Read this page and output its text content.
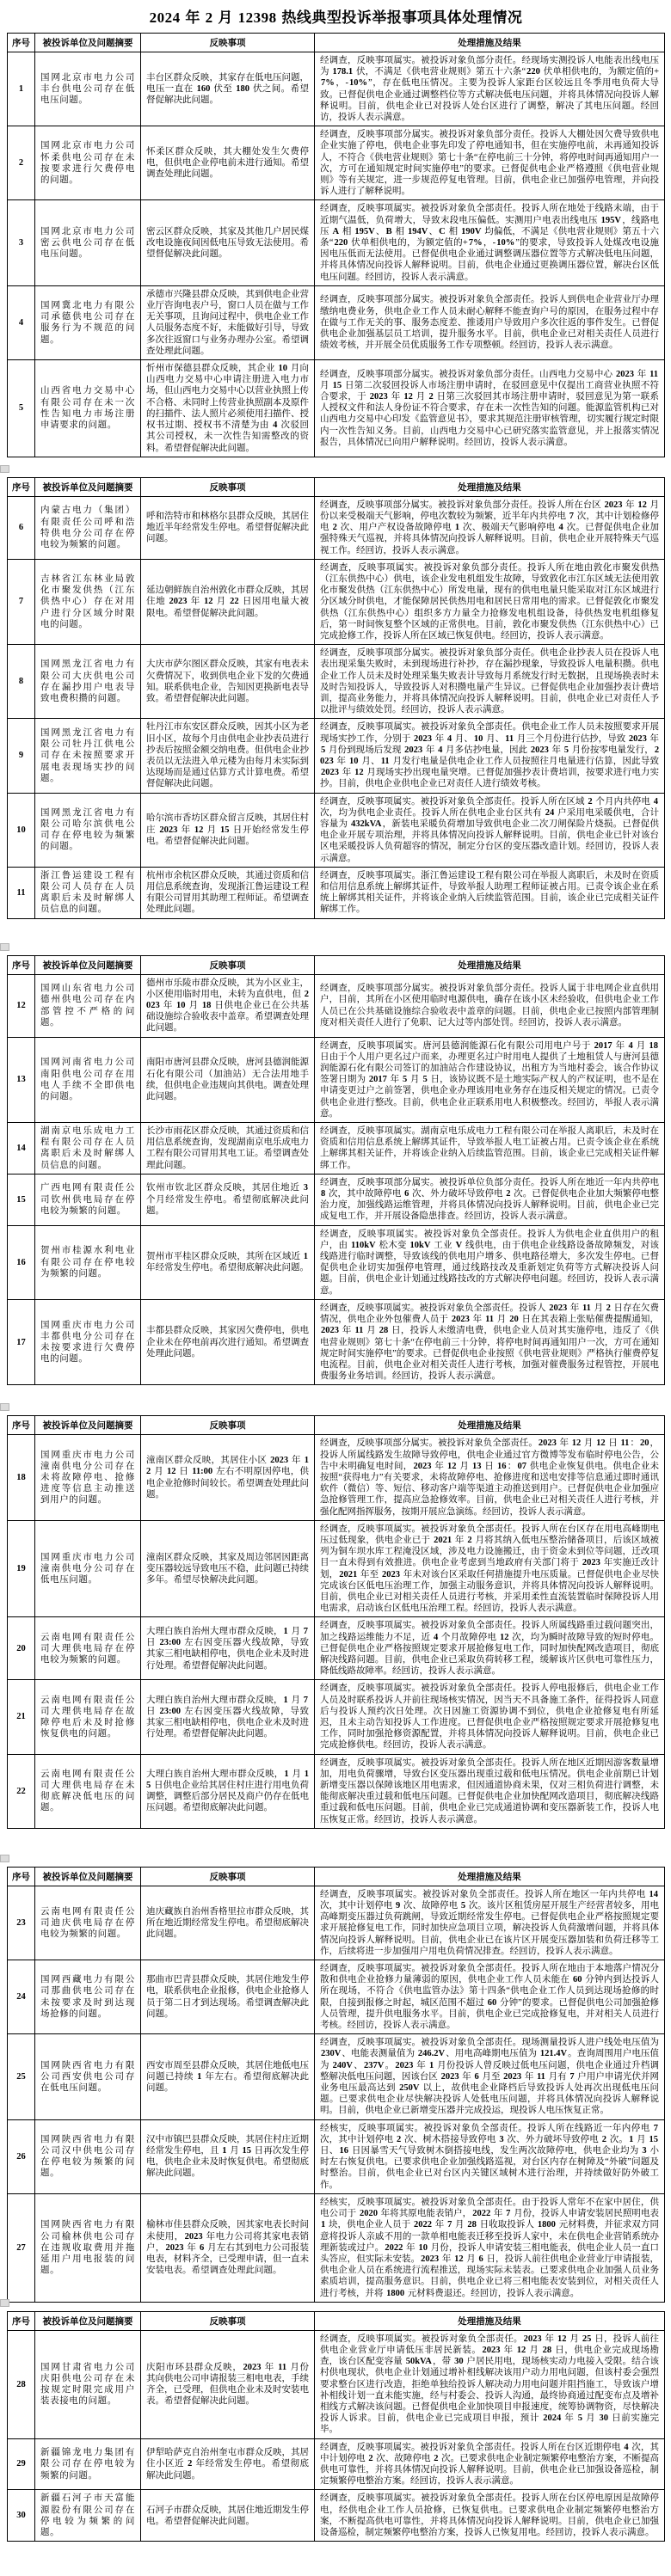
2024 年 2 月 12398 热线典型投诉举报事项具体处理情况
序号	被投诉单位及问题摘要	反映事项	处理措施及结果
1	国网北京市电力公司丰台供电公司存在低电压问题。	丰台区群众反映，其家存在低电压问题，电压一直在 160 伏至 180 伏之间。希望督促解决此问题。	经调查，反映事项属实。被投诉对象负部分责任。经现场实测投诉人电能表出线电压为 178.1 伏，不满足《供电营业规则》第五十六条“220 伏单相供电的，为额定值的+7%，-10%”，存在低电压情况。主要为投诉人家距台区较远且冬季用电负荷大导致。已督促供电企业通过调整档位等方式解决低电压问题，并将具体情况向投诉人解释说明。目前，供电企业已对投诉人处台区进行了调整，解决了其电压问题。经回访，投诉人表示满意。
2	国网北京市电力公司怀柔供电公司存在未按要求进行欠费停电的问题。	怀柔区群众反映，其大棚处发生欠费停电，但供电企业停电前未进行通知。希望调查处理此问题。	经调查，反映事项部分属实。被投诉对象负部分责任。投诉人大棚处因欠费导致供电企业实施了停电，供电企业事先印发了停电通知书，但在实施停电前，未再通知投诉人，不符合《供电营业规则》第七十条“在停电前三十分钟，将停电时间再通知用户一次，方可在通知规定时间实施停电”的要求。已督促供电企业严格遵照《供电营业规则》等有关规定，进一步规范停复电管理。目前，供电企业已加强停电管理，并向投诉人进行了解释说明。
3	国网北京市电力公司密云供电公司存在低电压问题。	密云区群众反映，其家及其他几户居民煤改电设施夜间因低电压导致无法使用。希望督促解决此问题。	经调查，反映事项属实。被投诉对象负全部责任。投诉人所在地处于线路末端，由于近期气温低，负荷增大，导致末段电压偏低。实测用户电表出线电压 195V，线路电压 A 相 195V、B 相 194V、C 相 190V 均偏低，不满足《供电营业规则》第五十六条“220 伏单相供电的，为额定值的+7%，-10%”的要求，导致投诉人处煤改电设施因电压低而无法使用。已督促供电企业通过调整调压器位置等方式解决低电压问题，并将具体情况向投诉人解释说明。目前，供电企业通过更换调压器位置，解决台区低电压问题。经回访，投诉人表示满意。
4	国网冀北电力有限公司承德供电公司存在服务行为不规范的问题。	承德市兴隆县群众反映，其到供电企业营业厅咨询电表户号，窗口人员在做与工作无关事项，且询问过程中，供电企业工作人员服务态度不好，未能做好引导，导致多次往返窗口与业务办理办公室。希望调查处理此问题。	经调查，反映事项部分属实。被投诉对象负全部责任。投诉人到供电企业营业厅办理缴纳电费业务，供电企业工作人员未耐心解释不能查询户号的原因，在服务过程中存在做与工作无关的事、服务态度差、推诿用户导致用户多次往返的事件发生。已督促供电企业加强基层员工培训，提升服务水平。目前，供电企业已对相关责任人员进行绩效考核，并开展全员优质服务工作专项整顿。经回访，投诉人表示满意。
5	山西省电力交易中心有限公司存在未一次性告知电力市场注册申请要求的问题。	忻州市保德县群众反映，其企业 10 月向山西电力交易中心申请注册进入电力市场，但山西电力交易中心以营业执照上传不合格、未同时上传营业执照副本及原件的扫描件、法人照片必须使用扫描件、授权书过期、授权书不清楚为由 4 次驳回其公司授权，未一次性告知需整改的资料。希望督促解决此问题。	经调查，反映事项部分属实。被投诉对象负部分责任。山西电力交易中心 2023 年 11 月 15 日第二次驳回投诉人市场注册申请时，在驳回意见中仅提出工商营业执照不符合要求，于 2023 年 12 月 2 日第三次驳回其市场注册申请时，驳回意见为第一联系人授权文件和法人身份证不符合要求，存在未一次性告知的问题。能源监管机构已对山西电力交易中心印发《监管意见书》，要求其规范注册审核管理，切实履行规定时限内一次性告知义务。目前，山西电力交易中心已研究落实监管意见，并上报落实情况报告，具体情况已向用户解释说明。经回访，投诉人表示满意。
序号	被投诉单位及问题摘要	反映事项	处理措施及结果
6	内蒙古电力（集团）有限责任公司呼和浩特供电分公司存在停电较为频繁的问题。	呼和浩特市和林格尔县群众反映，其居住地近半年经常发生停电。希望督促解决此问题。	经调查，反映事项部分属实。被投诉对象负部分责任。投诉人所在台区 2023 年 12 月份以来受极端天气影响，停电次数较为频繁，近半年内共停电 7 次，其中计划检修停电 2 次、用户产权设备故障停电 1 次、极端天气影响停电 4 次。已督促供电企业加强特殊天气巡视，并将具体情况向投诉人解释说明。目前，供电企业开展特殊天气巡视工作。经回访，投诉人表示满意。
7	吉林省江东林业局敦化市聚发供热（江东供热中心）存在对用户进行分区域分时限电的问题。	延边朝鲜族自治州敦化市群众反映，其居住地 2023 年 12 月 22 日因用电量大被限电。希望督促解决此问题。	经调查，反映事项属实。被投诉对象负部分责任。投诉人所在地由敦化市聚发供热（江东供热中心）供电，该企业发电机组发生故障，导致敦化市江东区域无法使用敦化市聚发供热（江东供热中心）所发电量，现有的供电电量只能采取对江东区域进行分区域分时供电，才能保障居民供热用电和居民日常用电的需求。已督促敦化市聚发供热（江东供热中心）组织多方力量全力抢修发电机组设备，待供热发电机组修复后，第一时间恢复整个区域的正常供电。目前，敦化市聚发供热（江东供热中心）已完成抢修工作，投诉人所在区域已恢复供电。经回访，投诉人表示满意。
8	国网黑龙江省电力有限公司大庆供电公司存在漏抄用户电表导致电费积攒的问题。	大庆市萨尔图区群众反映，其家有电表未欠费情况下，收到供电企业下发的欠费通知。联系供电企业，告知因更换新电表导致。希望督促解决此问题。	经调查，反映事项部分属实。被投诉对象负部分责任。供电企业抄表人员在投诉人电表出现采集失败时，未到现场进行补抄，存在漏抄现象，导致投诉人电量积攒。供电企业工作人员未及时处理采集失败表计导致每月系统发行时无数据，且现场换表时未及时告知投诉人，导致投诉人对积攒电量产生异议。已督促供电企业加强抄表计费培训，提高业务能力，并将具体情况向投诉人解释说明。目前，供电企业已对责任人予以批评与绩效处罚。经回访，投诉人表示满意。
9	国网黑龙江省电力有限公司牡丹江供电公司存在未按照要求开展电表现场实抄的问题。	牡丹江市东安区群众反映，因其小区为老旧小区，故每个月由供电企业抄表员进行抄表后按照金额交纳电费。但供电企业抄表员以无法进入单元楼为由每月未实际到达现场而是通过估算方式计算电费。希望督促解决此问题。	经调查，反映事项属实。被投诉对象负全部责任。供电企业工作人员未按照要求开展现场实抄工作，分别于 2023 年 4 月、10 月、11 月三个月份进行估抄，导致 2023 年 5 月份到现场后发现 2023 年 4 月多估抄电量，因此 2023 年 5 月份按零电量发行，2023 年 10 月、11 月发行电量是供电企业工作人员按照往月电量进行估算，因此导致 2023 年 12 月现场实抄出现电量突增。已督促加强抄表计费培训，按要求进行电力实抄。目前，供电企业供电企业已对责任人进行绩效考核。
10	国网黑龙江省电力有限公司哈尔滨供电公司存在停电较为频繁的问题。	哈尔滨市香坊区群众留言反映，其居住村庄 2023 年 12 月 15 日开始经常发生停电。希望督促解决此问题。	经调查，反映事项属实。被投诉对象负全部责任。投诉人所在区域 2 个月内共停电 4 次，均为供电企业责任。投诉人所在供电企业台区共有 24 户采用电采暖供电，合计容量为 432kVA，新装电采暖负荷增加导致供电企业二次刀闸保险片烧损。已督促供电企业开展专项治理，并将具体情况向投诉人解释说明。目前，供电企业已针对该台区电采暖投诉人负荷超容的情况，制定分台区的变压器改造计划。经回访，投诉人表示满意。
11	浙江鲁运建设工程有限公司人员存在人员离职后未及时解绑人员信息的问题。	杭州市余杭区群众反映，其通过资质和信用信息系统查询，发现浙江鲁运建设工程有限公司冒用其助理工程师证。希望调查处理此问题。	经调查，反映事项属实。浙江鲁运建设工程有限公司在举报人离职后，未及时在资质和信用信息系统上解绑其证件，导致举报人助理工程师证被占用。已责令该企业在系统上解绑其相关证件，并将该企业纳入后续监管范围。目前，该企业已完成相关证件解绑工作。
序号	被投诉单位及问题摘要	反映事项	处理措施及结果
12	国网山东省电力公司德州供电公司存在内部管控不严格的问题。	德州市乐陵市群众反映，其为小区业主，小区使用临时用电，未转为直供电，但 2023 年 10 月 18 日供电企业已在公共基础设施综合验收表中盖章。希望调查处理此问题。	经调查，反映事项部分属实。被投诉对象负部分责任。投诉人属于非电网企业直供用户，目前，其所在小区使用临时电源供电，确存在该小区未经验收，但供电企业工作人员已在公共基础设施综合验收表中盖章的问题。目前，供电企业已按照内部管理制度对相关责任人进行了免职、记大过等内部处罚。经回访，投诉人表示满意。
13	国网河南省电力公司南阳供电公司存在用电人手续不全即供电的问题。	南阳市唐河县群众反映，唐河县德润能源石化有限公司（加油站）无合法用地手续，但供电企业违规向其供电。调查处理此问题。	经调查，反映事项属实。唐河县德润能源石化有限公司用电户号于 2017 年 4 月 18 日由于个人用户更名过户而来，办理更名过户时用电人提供了土地租赁人与唐河县德润能源石化有限公司签订的加油站合作建设协议，出租方为当地村委会，该合作协议签署日期为 2017 年 5 月 5 日，该协议既不是土地实际产权人的产权证明，也不是在申请变更过户之前签署，供电企业办理该用电业务存在违反相关规定的情况。已责令供电企业进行整改。目前，供电企业正联系用电人积极整改。经回访，举报人表示满意。
14	湖南京电乐成电力工程有限公司存在人员离职后未及时解绑人员信息的问题。	长沙市雨花区群众反映，其通过资质和信用信息系统查询，发现湖南京电乐成电力工程有限公司冒用其电工证。希望调查处理此问题。	经调查，反映事项属实。湖南京电乐成电力工程有限公司在举报人离职后，未及时在资质和信用信息系统上解绑其证件，导致举报人电工证被占用。已责令该企业在系统上解绑其相关证件，并将该企业纳入后续监管范围。目前，该企业已完成相关证件解绑工作。
15	广西电网有限责任公司钦州供电局存在停电较为频繁的问题。	钦州市钦北区群众反映，其居住地近 3 个月经常发生停电。希望彻底解决此问题。	经调查，反映事项部分属实。被投诉单位负部分责任。投诉人所在地近一年内共停电 8 次，其中故障停电 6 次、外力破坏导致停电 2 次。已督促供电企业加大频繁停电整治力度，加强线路运维管理，并将具体情况向投诉人解释说明。目前，供电企业已完成复电工作，并开展设备隐患排查。经回访，投诉人表示满意。
16	贺州市桂源水利电业有限公司存在停电较为频繁的问题。	贺州市平桂区群众反映，其所在区域近 1 年经常发生停电。希望彻底解决此问题。	经调查，反映事项属实。被投诉对象负全部责任。投诉人为供电企业直供用户的租户，由 110kV 松木变 10kV 工业 V 线供电，由于供电企业线路设备故障频发，对该线路进行临时调整，导致该线的供电用户增多、供电路径增大，多次发生停电。已督促供电企业切实加强停电管理，通过线路技改及重新划定负荷等方式解决投诉人问题。目前，供电企业计划通过线路技改的方式解决停电问题。经回访，投诉人表示满意。
17	国网重庆市电力公司丰都供电分公司存在未按要求进行欠费停电的问题。	丰都县群众反映，其家因欠费停电，供电企业未在停电前再次进行通知。希望调查处理此问题。	经调查，反映事项属实。被投诉对象负全部责任。投诉人 2023 年 11 月 2 日存在欠费情况，供电企业外包催费人员于 2023 年 11 月 20 日在其表箱上张贴催费提醒通知，2023 年 11 月 28 日，投诉人未缴清电费，供电企业人员对其实施停电，违反了《供电营业规则》第七十条“在停电前三十分钟，将停电时间再通知用户一次，方可在通知规定时间实施停电”的要求。已督促供电企业按照《供电营业规则》严格执行催费停复电流程。目前，供电企业对相关责任人进行考核，加强对催费服务过程管控，开展电费服务业务培训。经回访，投诉人表示满意。
序号	被投诉单位及问题摘要	反映事项	处理措施及结果
18	国网重庆市电力公司潼南供电分公司存在未将故障停电、抢修进度等信息主动推送到用户的问题。	潼南区群众反映，其居住小区 2023 年 12 月 12 日 11:00 左右不明原因停电，供电企业抢修时间较长。希望调查处理此问题。	经调查，反映事项部分属实。被投诉对象负全部责任。2023 年 12 月 12 日 11：20，投诉人所属线路发生故障导致停电，供电企业通过官方微博等发布临时停电公告，公告中未明确复电时间，2023 年 12 月 13 日 16：07 供电企业恢复供电。供电企业未按照“获得电力”有关要求，未将故障停电、抢修进度和送电安排等信息通过即时通讯软件（微信）等、短信、移动客户端等渠道主动推送到用户。已督促供电企业加强应急抢修管理工作，提高应急抢修效率。目前，供电企业已对相关责任人进行考核，并强化配网指挥服务，按期开展应急演练。经回访，投诉人表示满意。
19	国网重庆市电力公司潼南供电分公司存在低电压问题。	潼南区群众反映，其家及周边邻居因距离变压器较远导致电压不稳，此问题已持续多年。希望尽快解决此问题。	经调查，反映事项属实。被投诉对象负全部责任。投诉人所在台区存在用电高峰期电压过低现象，供电企业已于 2021 年 2 月将其纳入低电压整治储备项目，后该区域被列为铜车坝水库工程淹没区域，涉及电力设施搬迁，由于资金未到位等问题，迁改项目一直未得到有效推进。供电企业考虑到当地政府有关部门将于 2023 年实施迁改计划，2021 年至 2023 年未对该台区采取任何措施提升电压质量。已督促供电企业尽快完成该台区低电压治理工作，加强主动服务意识，并将具体情况向投诉人解释说明。目前，供电企业已对相关责任人员进行考核，并采用柔性直流装置临时保障投诉人用电需求，启动该台区低电压治理工程。经回访，投诉人表示满意。
20	云南电网有限责任公司大理供电局存在停电较为频繁的问题。	大理白族自治州大理市群众反映，1 月 7 日 23:00 左右因变压器火线故障，导致其家三相电缺相停电，供电企业未及时进行处理。希望督促解决此问题。	经调查，反映事项属实。被投诉对象负全部责任。投诉人所属线路重过载问题突出，加之线路运维能力不足，近 4 个月故障停电 12 次，均为瞬时故障导致的短时停电。已督促供电企业严格按照规定要求开展抢修复电工作，同时加快配网改造项目，彻底解决线路问题。目前，供电企业已采取负荷转移工程，缓解该片区供电可靠性压力，降低线路故障率。经回访，投诉人表示满意。
21	云南电网有限责任公司大理供电局存在故障停电后未及时抢修恢复供电的问题。	大理白族自治州大理市群众反映，1 月 7 日 23:00 左右因变压器火线故障，导致其家三相电缺相停电，供电企业未及时进行处理。希望督促解决此问题。	经调查，反映事项属实。被投诉对象负全部责任。投诉人停电报修后，供电企业工作人员及时联系投诉人并前往现场核实情况，因当天不具备施工条件，征得投诉人同意后与投诉人预约次日处理。次日因施工资源协调不到位，供电企业抢修复电有所延迟，且未主动告知投诉人工作进度。已督促供电企业严格按照规定要求开展抢修复电工作，同时加强抢修资源配置，并将具体情况向投诉人解释说明。目前，供电企业已完成抢修供电。经回访，投诉人表示满意。
22	云南电网有限责任公司大理供电局存在未彻底解决低电压的问题。	大理白族自治州大理市群众反映，1 月 15 日供电企业给其居住村庄进行用电负荷调整，调整后部分居民及商户仍存在低电压问题。希望彻底解决此问题。	经调查，反映事项属实。被投诉对象负全部责任。投诉人所在地区近期因游客数量增加，用电负荷骤增，导致台区变压器出现重过载和低电压情况。供电企业前期已计划新增变压器以保障该地区用电需求，但因通道协商未果，仅对三相负荷进行调整，未能彻底解决重过载和低电压问题。已督促供电企业加快配网改造项目，彻底解决线路重过载和低电压问题。目前，供电企业已完成通道协调和变压器新装工作，投诉人电压恢复正常。经回访，投诉人表示满意。
序号	被投诉单位及问题摘要	反映事项	处理措施及结果
23	云南电网有限责任公司迪庆供电局存在停电较为频繁的问题。	迪庆藏族自治州香格里拉市群众反映，其所在地近期经常发生停电。希望彻底解决此问题。	经调查，反映事项属实。被投诉对象负全部责任。投诉人所在地区一年内共停电 14 次，其中计划停电 9 次、故障停电 5 次。该片区租赁房屋开展生产经营者较多，用电高峰期变压器过负荷跳闸，导致近期经常发生停电。已督促供电企业严格按照规定要求开展抢修复电工作，同时加快应急项目立项，解决投诉人负荷激增问题，并将具体情况向投诉人解释说明。目前，供电企业已在该片区开展变压器加装和负荷迁移等工作，后续将进一步加强用户用电负荷情况排查。经回访，投诉人表示满意。
24	国网西藏电力有限公司那曲供电公司存在未按要求及时到达现场抢修的问题。	那曲市巴青县群众反映，其居住地发生停电，联系供电企业报修，供电企业抢修人员于第二日才到达现场。希望调查解决此问题。	经调查，反映事项属实。被投诉对象负全部责任。投诉人所在地由于本地落户情况分散和供电企业抢修力量薄弱的原因，供电企业工作人员未能在 60 分钟内到达投诉人所在现场，不符合《供电监管办法》第十四条“供电企业工作人员到达现场抢修的时限，自接到报修之时起，城区范围不超过 60 分钟”的要求。已督促供电公司加强抢修人员管理，提升供电服务水平。目前，供电企业已完成抢修复电，并对相关人员进行考核。经回访，投诉人表示满意。
25	国网陕西省电力有限公司西安供电公司存在低电压问题。	西安市周至县群众反映，其居住地低电压问题已持续 1 年左右。希望彻底解决此问题。	经调查，反映事项属实。被投诉对象负全部责任。现场测量投诉人进户线处电压值为 230V、电能表测量值为 246.2V、用电高峰期电压值为 121.4V。查询周围用户电压值为 240V、237V。2023 年 1 月份投诉人曾反映过低电压问题，供电企业通过升档调整解决低电压问题，因该台区 2023 年 6 月至 2023 年 11 月有 7 户用户申请光伏并网业务电压最高达到 250V 以上，故供电企业降档后导致投诉人处再次出现低电压问题。已要求供电企业尽快解决投诉人处低电压问题，并将具体情况向投诉人解释说明。目前，供电企业已新增变压器并完成投运，现投诉人电压恢复正常。
26	国网陕西省电力有限公司汉中供电公司存在停电较为频繁的问题。	汉中市镇巴县群众反映，其居住村庄近期经常发生停电，且 1 月 15 日再次发生停电，供电企业未及时恢复供电。希望彻底解决此问题。	经核实，反映事项属实。被投诉对象负全部责任。投诉人所在线路近一年内停电 7 次，其中计划停电 2 次、树木搭接导致停电 3 次、外力破坏导致停电 2 次。1 月 15 日、16 日因暴雪天气导致树木倒搭接电线，发生两次故障停电，供电企业均为 3 小时左右恢复供电。已要求供电企业加强线路巡视，对台区内存在树障及“外破”问题及时整治。目前，供电企业已对台区内关键区域树木进行治理，并持续做好防外破工作。
27	国网陕西省电力有限公司榆林供电公司存在违规收取费用并拖延用户用电报装的问题。	榆林市佳县群众反映，因其家电表长时间未使用，2023 年电力公司将其家电表销户，2023 年 6 月左右其到电力公司报装电表，材料齐全，已受理申请，但一直未安装电表。希望调查处理此问题。	经核实，反映事项属实。被投诉对象负全部责任。由于投诉人常年不在家中居住，供电公司于 2020 年将其原电能表销户，2022 年 7 月份，投诉人申请安装居民照明电表 1 块，供电企业人员于 2022 年 7 月 28 日收取投诉人 1800 元材料费，并征求双方同意将投诉人亲戚不用的一款单相电能表迁移至投诉人家中，未在供电企业营销系统办理新装或过户。2022 年 10 月份，投诉人申请安装三相电能表，供电企业人员一直口头答应，但实际未安装。2023 年 12 月 6 日，投诉人前往供电企业营业厅申请报装，供电企业人员在系统进行流程推送，现场实际未装表。已要求供电企业加强人员业务素质培训，提高服务意识。目前，供电企业已将三相电能表安装到位，对相关责任人进行考核，并将 1800 元材料费退还。经回访，投诉人表示满意。
序号	被投诉单位及问题摘要	反映事项	处理措施及结果
28	国网甘肃省电力公司庆阳供电公司存在未按规定时限完成用户装表接电的问题。	庆阳市环县群众反映，2023 年 11 月份其向供电公司申请报装三相电电表，手续齐全，已受理，但供电企业未及时安装电表。希望督促解决此问题。	经调查，反映事项属实。被投诉对象负全部责任。2023 年 12 月 25 日，投诉人前往供电企业营业厅申请低压非居民新装。2023 年 12 月 28 日，供电企业完成现场勘查，该台区配变容量 50kVA，带 30 户居民用电，现场核实动力电接入受限。结合该村供电现状，供电企业计划通过增补相线解决该用户动力用电问题，但该村委会强烈要求整台区进行改造，拒绝单独给投诉人解决动力用电问题并阻挡施工，导致该户增补相线计划一直未能实施，经与村委会、投诉人沟通，最终协商通过配变布点及增补相线方式解决该问题。已督促供电企业加快项目申报速度，统筹协调物资，尽快解决投诉人诉求。目前，供电企业已完成项目申报，预计 2024 年 5 月 30 日前实施完毕。
29	新疆锦龙电力集团有限公司存在停电较为频繁的问题。	伊犁哈萨克自治州奎屯市群众反映，其居住小区近 2 年经常发生停电。希望彻底解决此问题。	经调查，反映事项属实。被投诉对象负全部责任。投诉人所在台区近期停电 4 次，其中计划停电 2 次、故障停电 2 次。已要求供电企业制定频繁停电整治方案，不断提高供电可靠性，并将具体情况向投诉人解释说明。目前，供电企业已加强设备巡检，制定频繁停电整治方案。经回访，投诉人表示满意。
30	新疆石河子市天富能源股份有限公司存在停电较为频繁的问题。	石河子市群众反映，其居住地近期发生停电。希望督促解决此问题。	经调查，反映事项属实。被投诉对象负全部责任。投诉人所在台区停电原因是故障停电，经供电企业工作人员抢修，已恢复供电。已要求供电企业制定频繁停电整治方案，不断提高供电可靠性，并将具体情况向投诉人解释说明。目前，供电企业已加强设备巡检，制定频繁停电整治方案，投诉人已恢复用电。经回访，投诉人表示满意。
